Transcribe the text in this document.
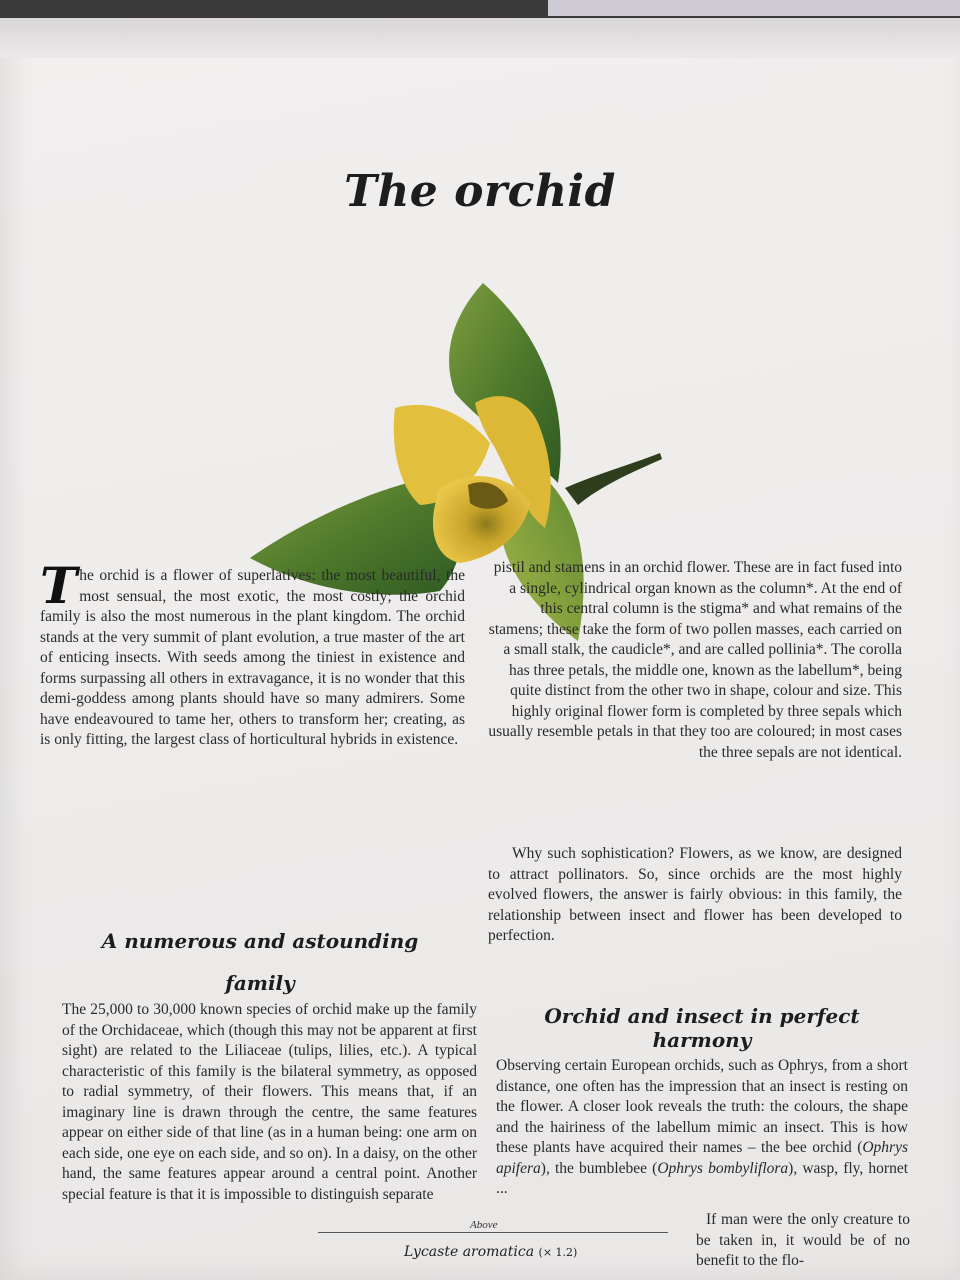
The orchid
The orchid is a flower of superlatives: the most beautiful, the most sensual, the most exotic, the most costly; the orchid family is also the most numerous in the plant kingdom. The orchid stands at the very summit of plant evolution, a true master of the art of enticing insects. With seeds among the tiniest in existence and forms surpassing all others in extravagance, it is no wonder that this demi-goddess among plants should have so many admirers. Some have endeavoured to tame her, others to transform her; creating, as is only fitting, the largest class of horticultural hybrids in existence.

pistil and stamens in an orchid flower. These are in fact fused into a single, cylindrical organ known as the column*. At the end of this central column is the stigma* and what remains of the stamens; these take the form of two pollen masses, each carried on a small stalk, the caudicle*, and are called pollinia*. The corolla has three petals, the middle one, known as the labellum*, being quite distinct from the other two in shape, colour and size. This highly original flower form is completed by three sepals which usually resemble petals in that they too are coloured; in most cases the three sepals are not identical.

Why such sophistication? Flowers, as we know, are designed to attract pollinators. So, since orchids are the most highly evolved flowers, the answer is fairly obvious: in this family, the relationship between insect and flower has been developed to perfection.

A numerous and astounding family
The 25,000 to 30,000 known species of orchid make up the family of the Orchidaceae, which (though this may not be apparent at first sight) are related to the Liliaceae (tulips, lilies, etc.). A typical characteristic of this family is the bilateral symmetry, as opposed to radial symmetry, of their flowers. This means that, if an imaginary line is drawn through the centre, the same features appear on either side of that line (as in a human being: one arm on each side, one eye on each side, and so on). In a daisy, on the other hand, the same features appear around a central point. Another special feature is that it is impossible to distinguish separate
Orchid and insect in perfect harmony
Observing certain European orchids, such as Ophrys, from a short distance, one often has the impression that an insect is resting on the flower. A closer look reveals the truth: the colours, the shape and the hairiness of the labellum mimic an insect. This is how these plants have acquired their names – the bee orchid (Ophrys apifera), the bumblebee (Ophrys bombyliflora), wasp, fly, hornet ...

If man were the only creature to be taken in, it would be of no benefit to the flo-

Above
Lycaste aromatica (× 1.2)
